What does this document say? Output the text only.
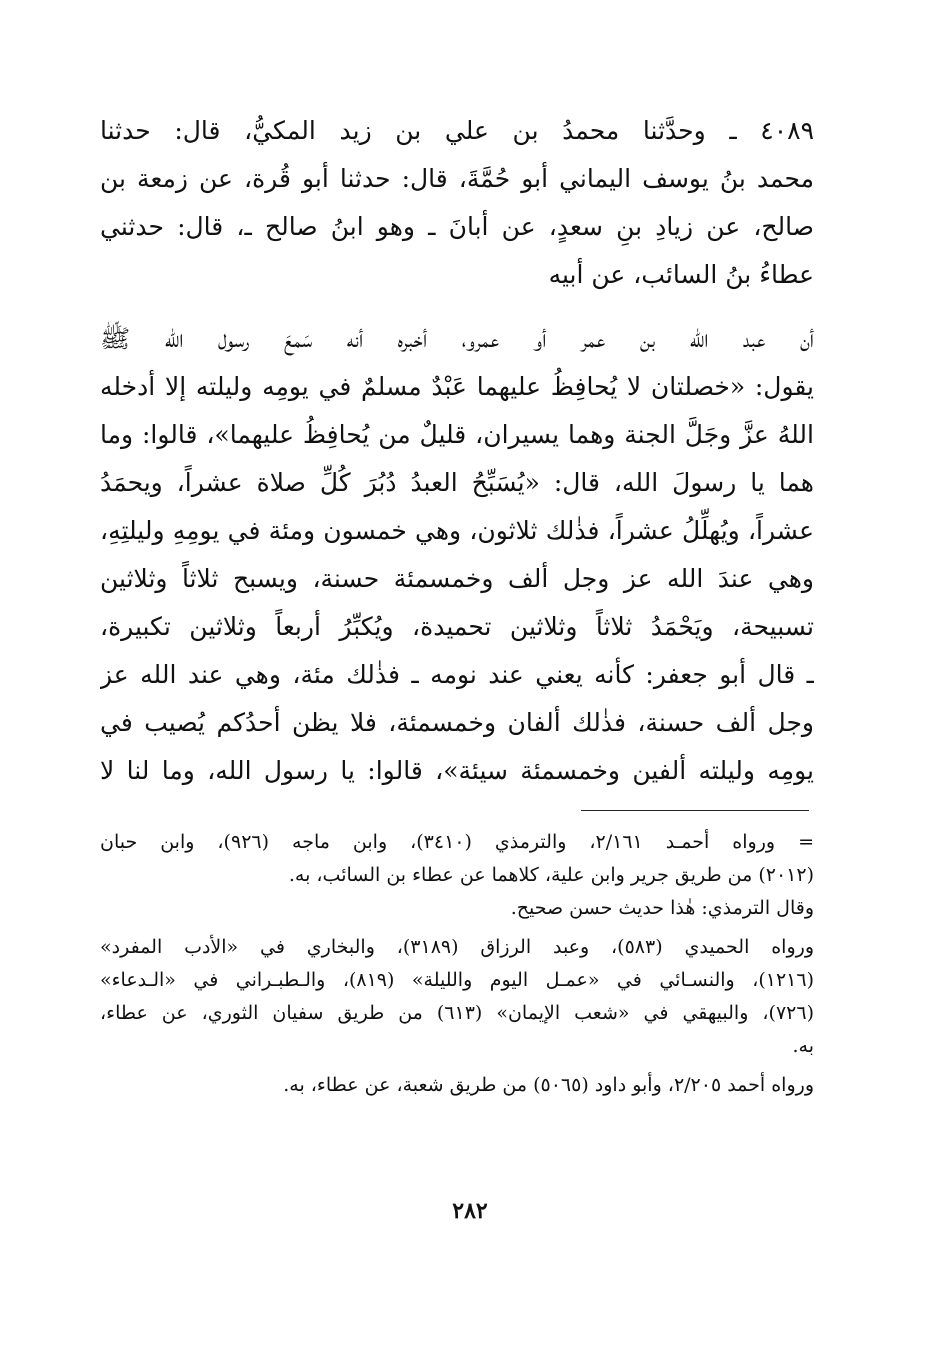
٤٠٨٩ ـ وحدَّثنا محمدُ بن علي بن زيد المكيُّ، قال: حدثنا
محمد بنُ يوسف اليماني أبو حُمَّةَ، قال: حدثنا أبو قُرة، عن زمعة بن
صالح، عن زيادِ بنِ سعدٍ، عن أبانَ ـ وهو ابنُ صالح ـ، قال: حدثني
عطاءُ بنُ السائب، عن أبيه
أن عبد الله بن عمر أو عمرو، أخبره أنه سَمعَ رسول الله ﷺ
يقول: «خصلتان لا يُحافِظُ عليهما عَبْدٌ مسلمٌ في يومِه وليلته إلا أدخله
اللهُ عزَّ وجَلَّ الجنة وهما يسيران، قليلٌ من يُحافِظُ عليهما»، قالوا: وما
هما يا رسولَ الله، قال: «يُسَبِّحُ العبدُ دُبُرَ كُلِّ صلاة عشراً، ويحمَدُ
عشراً، ويُهلِّلُ عشراً، فذٰلك ثلاثون، وهي خمسون ومئة في يومِهِ وليلتِهِ،
وهي عندَ الله عز وجل ألف وخمسمئة حسنة، ويسبح ثلاثاً وثلاثين
تسبيحة، ويَحْمَدُ ثلاثاً وثلاثين تحميدة، ويُكبِّرُ أربعاً وثلاثين تكبيرة،
ـ قال أبو جعفر: كأنه يعني عند نومه ـ فذٰلك مئة، وهي عند الله عز
وجل ألف حسنة، فذٰلك ألفان وخمسمئة، فلا يظن أحدُكم يُصيب في
يومِه وليلته ألفين وخمسمئة سيئة»، قالوا: يا رسول الله، وما لنا لا
= ورواه أحمـد ٢/١٦١، والترمذي (٣٤١٠)، وابن ماجه (٩٢٦)، وابن حبان
(٢٠١٢) من طريق جرير وابن علية، كلاهما عن عطاء بن السائب، به.
وقال الترمذي: هٰذا حديث حسن صحيح.
ورواه الحميدي (٥٨٣)، وعبد الرزاق (٣١٨٩)، والبخاري في «الأدب المفرد»
(١٢١٦)، والنسـائي في «عمـل اليوم والليلة» (٨١٩)، والـطبـراني في «الـدعاء»
(٧٢٦)، والبيهقي في «شعب الإيمان» (٦١٣) من طريق سفيان الثوري، عن عطاء،
به.
ورواه أحمد ٢/٢٠٥، وأبو داود (٥٠٦٥) من طريق شعبة، عن عطاء، به.
٢٨٢
